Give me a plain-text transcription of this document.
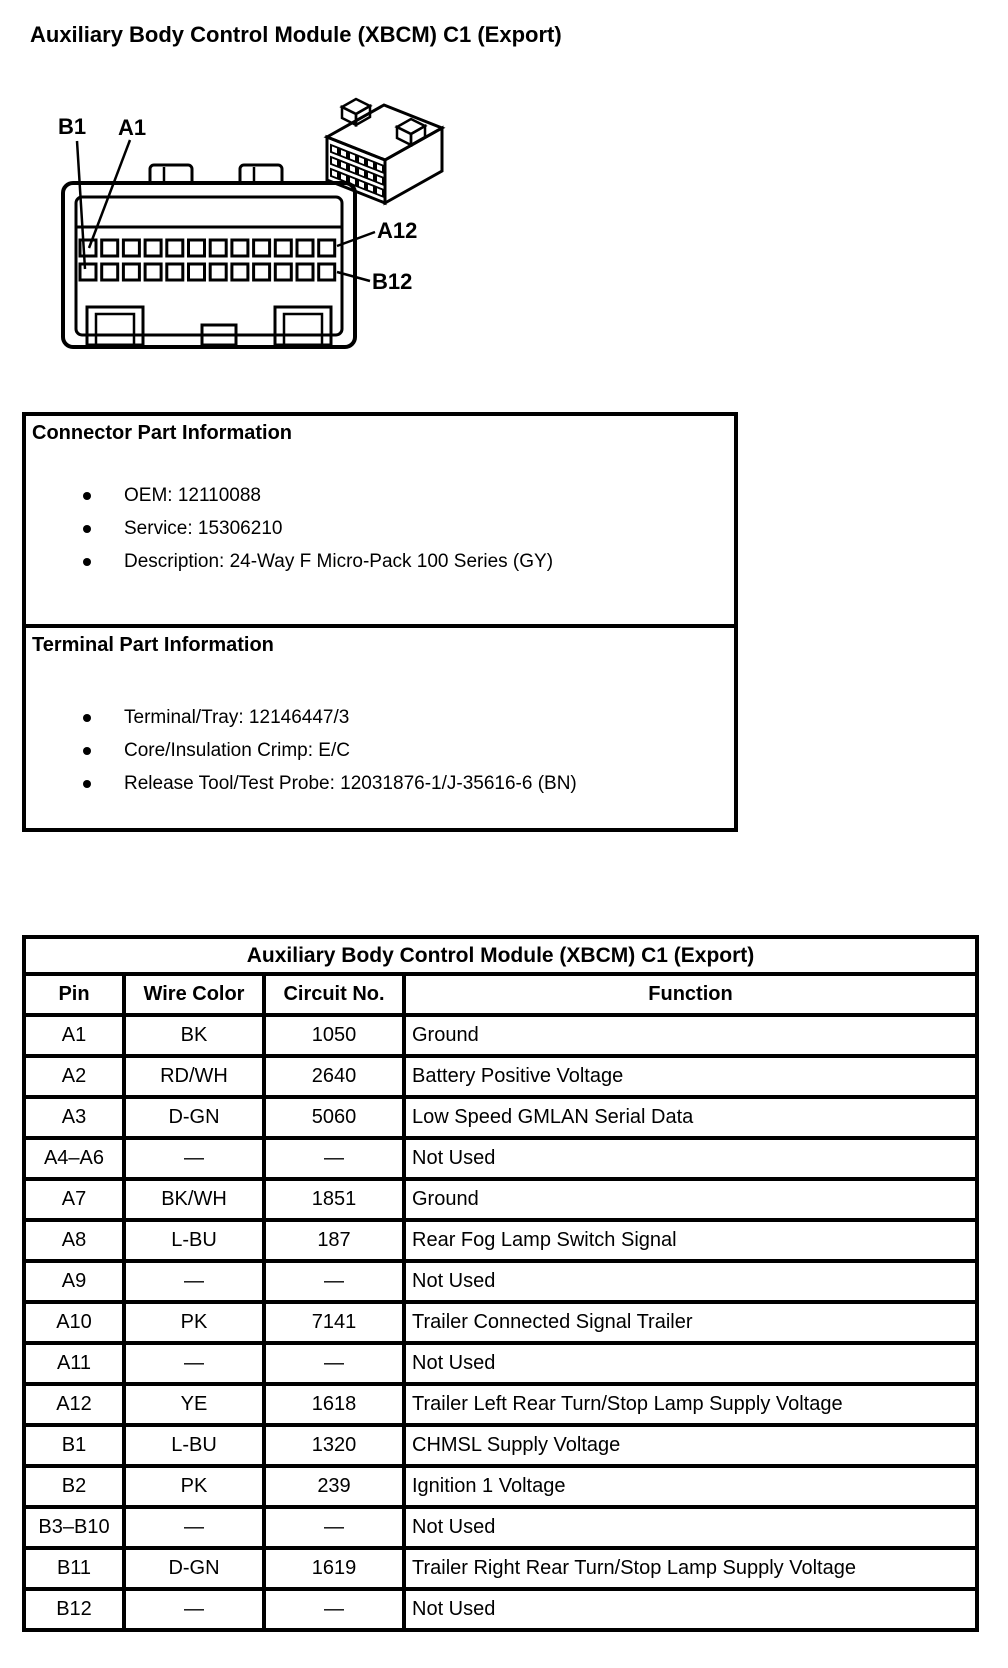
Auxiliary Body Control Module (XBCM) C1 (Export)
B1 A1
A12
B12
Connector Part Information
OEM: 12110088
Service: 15306210
Description: 24-Way F Micro-Pack 100 Series (GY)
Terminal Part Information
Terminal/Tray: 12146447/3
Core/Insulation Crimp: E/C
Release Tool/Test Probe: 12031876-1/J-35616-6 (BN)
Auxiliary Body Control Module (XBCM) C1 (Export)			
Pin	Wire Color	Circuit No.	Function
A1	BK	1050	Ground
A2	RD/WH	2640	Battery Positive Voltage
A3	D-GN	5060	Low Speed GMLAN Serial Data
A4–A6	—	—	Not Used
A7	BK/WH	1851	Ground
A8	L-BU	187	Rear Fog Lamp Switch Signal
A9	—	—	Not Used
A10	PK	7141	Trailer Connected Signal Trailer
A11	—	—	Not Used
A12	YE	1618	Trailer Left Rear Turn/Stop Lamp Supply Voltage
B1	L-BU	1320	CHMSL Supply Voltage
B2	PK	239	Ignition 1 Voltage
B3–B10	—	—	Not Used
B11	D-GN	1619	Trailer Right Rear Turn/Stop Lamp Supply Voltage
B12	—	—	Not Used
